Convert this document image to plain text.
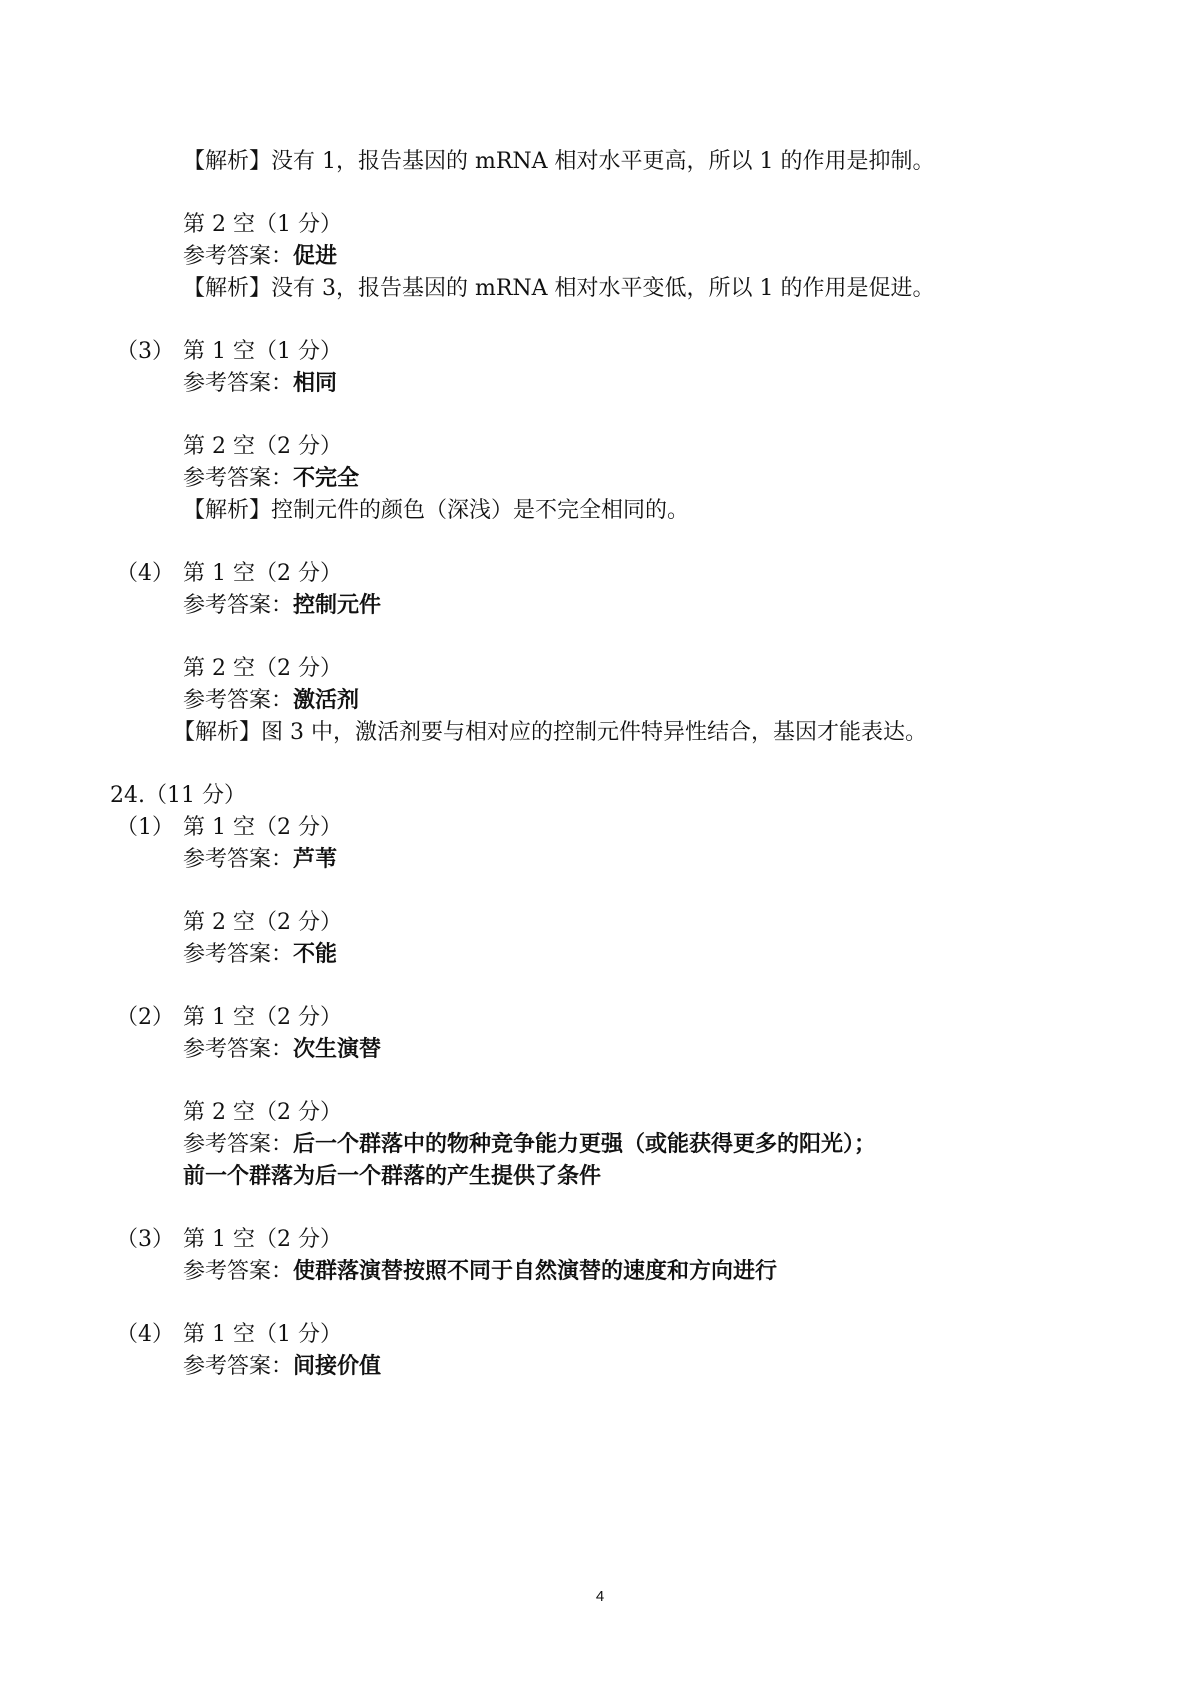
【解析】没有 1，报告基因的 mRNA 相对水平更高，所以 1 的作用是抑制。
第 2 空（1 分）
参考答案：促进
【解析】没有 3，报告基因的 mRNA 相对水平变低，所以 1 的作用是促进。
（3） 第 1 空（1 分）
参考答案：相同
第 2 空（2 分）
参考答案：不完全
【解析】控制元件的颜色（深浅）是不完全相同的。
（4） 第 1 空（2 分）
参考答案：控制元件
第 2 空（2 分）
参考答案：激活剂
【解析】图 3 中，激活剂要与相对应的控制元件特异性结合，基因才能表达。
24.（11 分）
（1） 第 1 空（2 分）
参考答案：芦苇
第 2 空（2 分）
参考答案：不能
（2） 第 1 空（2 分）
参考答案：次生演替
第 2 空（2 分）
参考答案：后一个群落中的物种竞争能力更强（或能获得更多的阳光）；
前一个群落为后一个群落的产生提供了条件
（3） 第 1 空（2 分）
参考答案：使群落演替按照不同于自然演替的速度和方向进行
（4） 第 1 空（1 分）
参考答案：间接价值
4
